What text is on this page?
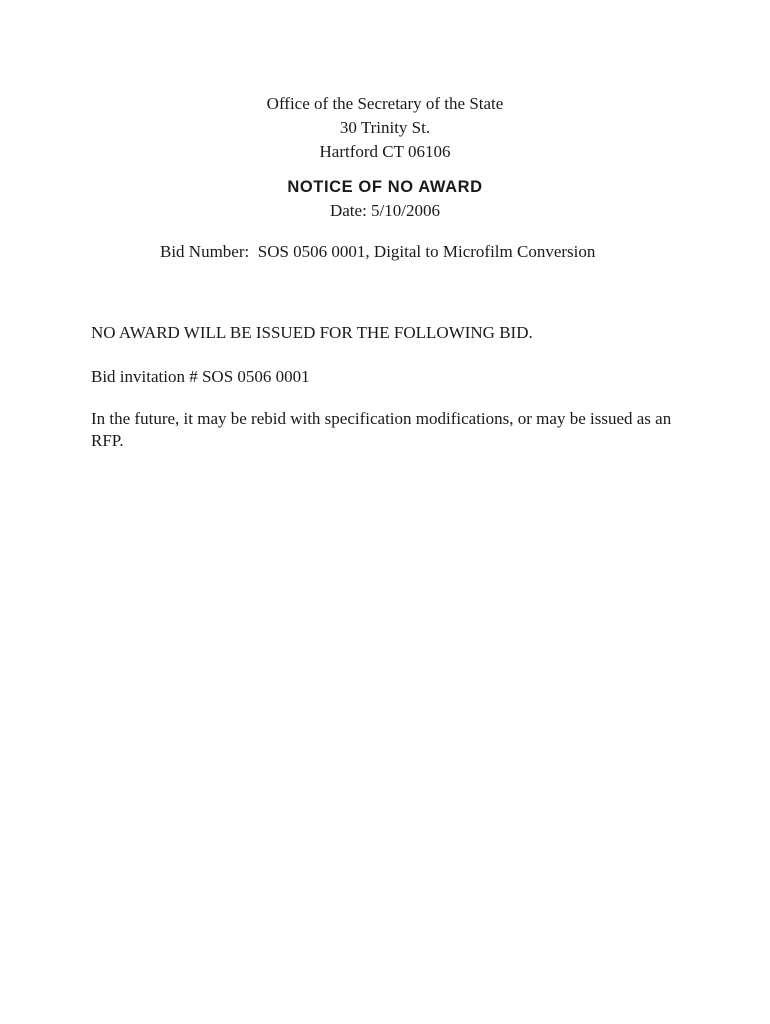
Office of the Secretary of the State
30 Trinity St.
Hartford CT 06106
NOTICE OF NO AWARD
Date: 5/10/2006
Bid Number:  SOS 0506 0001, Digital to Microfilm Conversion
NO AWARD WILL BE ISSUED FOR THE FOLLOWING BID.
Bid invitation # SOS 0506 0001
In the future, it may be rebid with specification modifications, or may be issued as an RFP.
